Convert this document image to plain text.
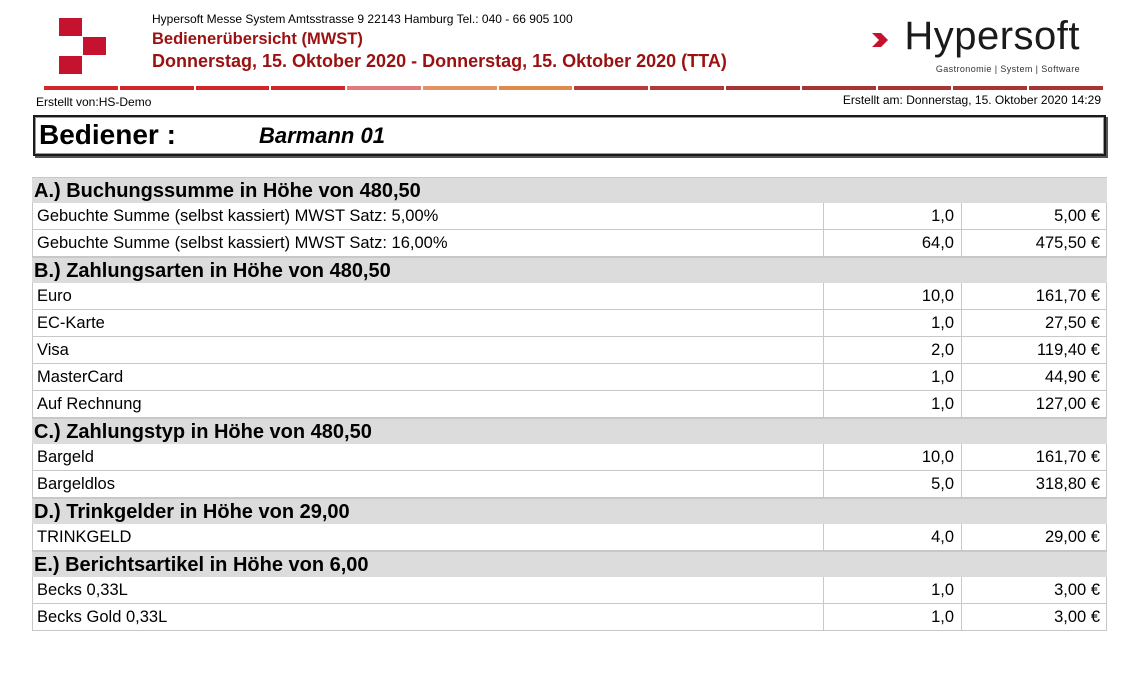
Hypersoft Messe System Amtsstrasse 9 22143 Hamburg Tel.: 040 - 66 905 100
Bedienerübersicht (MWST)
Donnerstag, 15. Oktober 2020 - Donnerstag, 15. Oktober 2020 (TTA)
Hypersoft
Gastronomie | System | Software
Erstellt von:HS-Demo	Erstellt am: Donnerstag, 15. Oktober 2020 14:29
Bediener :	Barmann 01
A.) Buchungssumme in Höhe von 480,50
Gebuchte Summe (selbst kassiert) MWST Satz: 5,00%	1,0	5,00 €
Gebuchte Summe (selbst kassiert) MWST Satz: 16,00%	64,0	475,50 €
B.) Zahlungsarten in Höhe von 480,50
Euro	10,0	161,70 €
EC-Karte	1,0	27,50 €
Visa	2,0	119,40 €
MasterCard	1,0	44,90 €
Auf Rechnung	1,0	127,00 €
C.) Zahlungstyp in Höhe von 480,50
Bargeld	10,0	161,70 €
Bargeldlos	5,0	318,80 €
D.) Trinkgelder in Höhe von 29,00
TRINKGELD	4,0	29,00 €
E.) Berichtsartikel in Höhe von 6,00
Becks 0,33L	1,0	3,00 €
Becks Gold 0,33L	1,0	3,00 €
